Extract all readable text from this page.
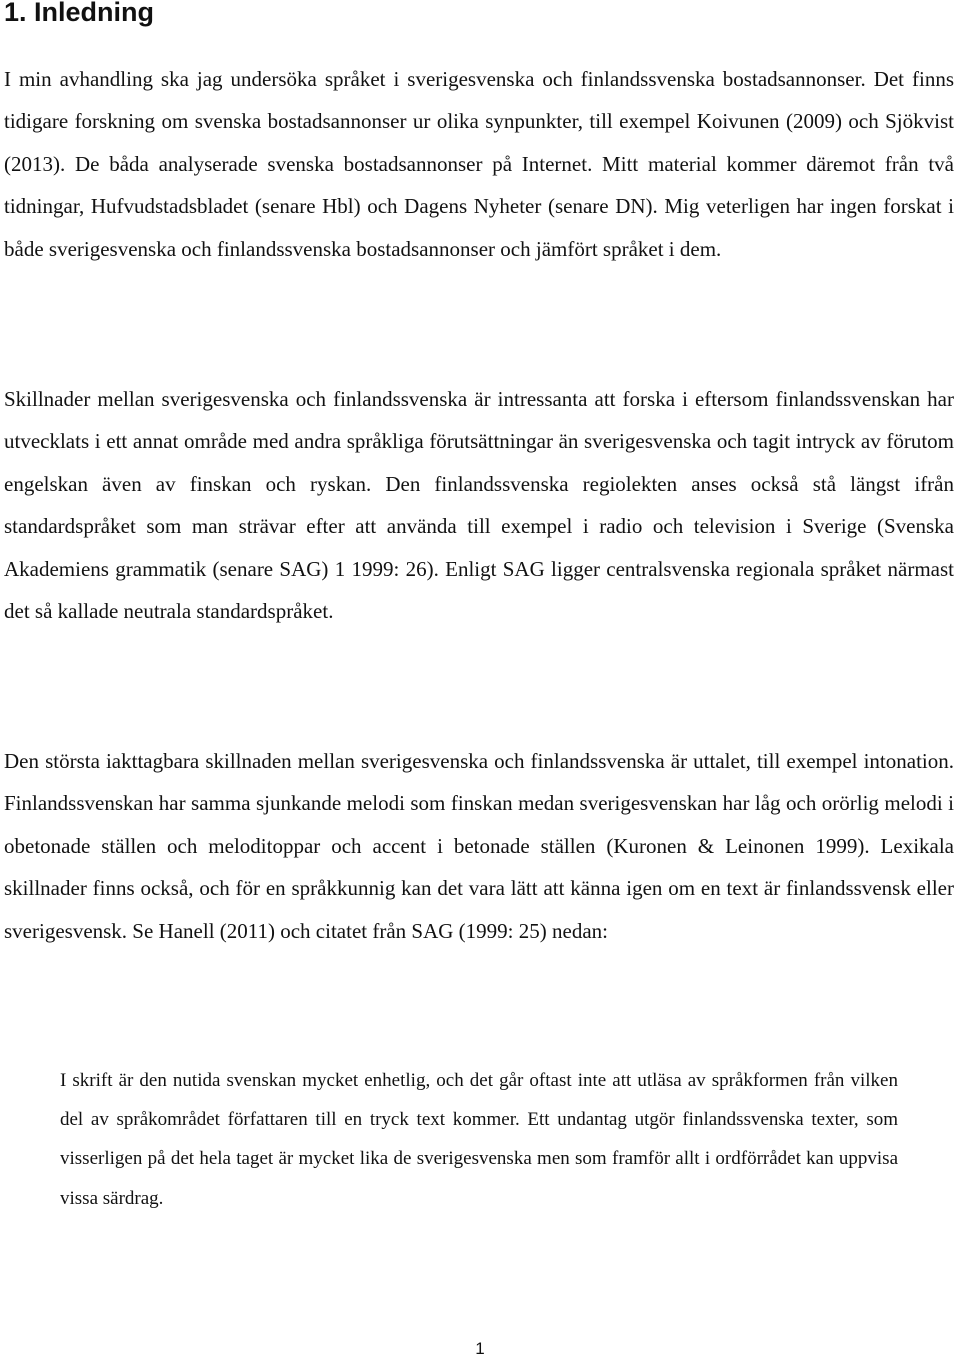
1. Inledning

I min avhandling ska jag undersöka språket i sverigesvenska och finlandssvenska bostadsannonser. Det finns tidigare forskning om svenska bostadsannonser ur olika synpunkter, till exempel Koivunen (2009) och Sjökvist (2013). De båda analyserade svenska bostadsannonser på Internet. Mitt material kommer däremot från två tidningar, Hufvudstadsbladet (senare Hbl) och Dagens Nyheter (senare DN). Mig veterligen har ingen forskat i både sverigesvenska och finlandssvenska bostadsannonser och jämfört språket i dem.

Skillnader mellan sverigesvenska och finlandssvenska är intressanta att forska i eftersom finlandssvenskan har utvecklats i ett annat område med andra språkliga förutsättningar än sverigesvenska och tagit intryck av förutom engelskan även av finskan och ryskan. Den finlandssvenska regiolekten anses också stå längst ifrån standardspråket som man strävar efter att använda till exempel i radio och television i Sverige (Svenska Akademiens grammatik (senare SAG) 1 1999: 26). Enligt SAG ligger centralsvenska regionala språket närmast det så kallade neutrala standardspråket.

Den största iakttagbara skillnaden mellan sverigesvenska och finlandssvenska är uttalet, till exempel intonation. Finlandssvenskan har samma sjunkande melodi som finskan medan sverigesvenskan har låg och orörlig melodi i obetonade ställen och meloditoppar och accent i betonade ställen (Kuronen & Leinonen 1999). Lexikala skillnader finns också, och för en språkkunnig kan det vara lätt att känna igen om en text är finlandssvensk eller sverigesvensk. Se Hanell (2011) och citatet från SAG (1999: 25) nedan:

I skrift är den nutida svenskan mycket enhetlig, och det går oftast inte att utläsa av språkformen från vilken del av språkområdet författaren till en tryck text kommer. Ett undantag utgör finlandssvenska texter, som visserligen på det hela taget är mycket lika de sverigesvenska men som framför allt i ordförrådet kan uppvisa vissa särdrag.

1
